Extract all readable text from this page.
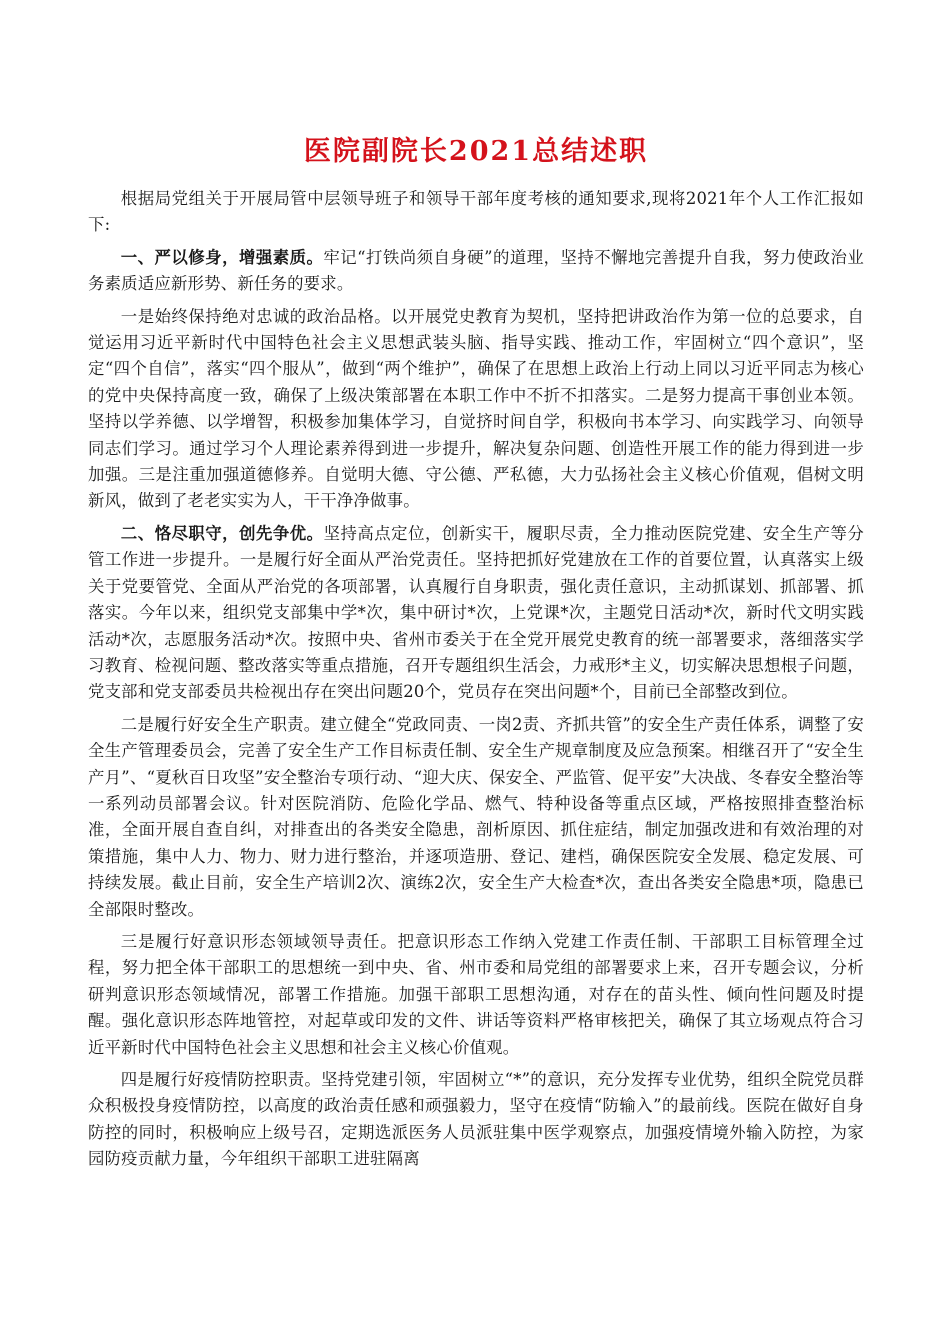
医院副院长2021总结述职

根据局党组关于开展局管中层领导班子和领导干部年度考核的通知要求,现将2021年个人工作汇报如下:

一、严以修身，增强素质。牢记“打铁尚须自身硬”的道理，坚持不懈地完善提升自我，努力使政治业务素质适应新形势、新任务的要求。

一是始终保持绝对忠诚的政治品格。以开展党史教育为契机，坚持把讲政治作为第一位的总要求，自觉运用习近平新时代中国特色社会主义思想武装头脑、指导实践、推动工作，牢固树立“四个意识”，坚定“四个自信”，落实“四个服从”，做到“两个维护”，确保了在思想上政治上行动上同以习近平同志为核心的党中央保持高度一致，确保了上级决策部署在本职工作中不折不扣落实。二是努力提高干事创业本领。坚持以学养德、以学增智，积极参加集体学习，自觉挤时间自学，积极向书本学习、向实践学习、向领导同志们学习。通过学习个人理论素养得到进一步提升，解决复杂问题、创造性开展工作的能力得到进一步加强。三是注重加强道德修养。自觉明大德、守公德、严私德，大力弘扬社会主义核心价值观，倡树文明新风，做到了老老实实为人，干干净净做事。

二、恪尽职守，创先争优。坚持高点定位，创新实干，履职尽责，全力推动医院党建、安全生产等分管工作进一步提升。一是履行好全面从严治党责任。坚持把抓好党建放在工作的首要位置，认真落实上级关于党要管党、全面从严治党的各项部署，认真履行自身职责，强化责任意识，主动抓谋划、抓部署、抓落实。今年以来，组织党支部集中学*次，集中研讨*次，上党课*次，主题党日活动*次，新时代文明实践活动*次，志愿服务活动*次。按照中央、省州市委关于在全党开展党史教育的统一部署要求，落细落实学习教育、检视问题、整改落实等重点措施，召开专题组织生活会，力戒形*主义，切实解决思想根子问题，党支部和党支部委员共检视出存在突出问题20个，党员存在突出问题*个，目前已全部整改到位。

二是履行好安全生产职责。建立健全“党政同责、一岗2责、齐抓共管”的安全生产责任体系，调整了安全生产管理委员会，完善了安全生产工作目标责任制、安全生产规章制度及应急预案。相继召开了“安全生产月”、“夏秋百日攻坚”安全整治专项行动、“迎大庆、保安全、严监管、促平安”大决战、冬春安全整治等一系列动员部署会议。针对医院消防、危险化学品、燃气、特种设备等重点区域，严格按照排查整治标准，全面开展自查自纠，对排查出的各类安全隐患，剖析原因、抓住症结，制定加强改进和有效治理的对策措施，集中人力、物力、财力进行整治，并逐项造册、登记、建档，确保医院安全发展、稳定发展、可持续发展。截止目前，安全生产培训2次、演练2次，安全生产大检查*次，查出各类安全隐患*项，隐患已全部限时整改。

三是履行好意识形态领域领导责任。把意识形态工作纳入党建工作责任制、干部职工目标管理全过程，努力把全体干部职工的思想统一到中央、省、州市委和局党组的部署要求上来，召开专题会议，分析研判意识形态领域情况，部署工作措施。加强干部职工思想沟通，对存在的苗头性、倾向性问题及时提醒。强化意识形态阵地管控，对起草或印发的文件、讲话等资料严格审核把关，确保了其立场观点符合习近平新时代中国特色社会主义思想和社会主义核心价值观。

四是履行好疫情防控职责。坚持党建引领，牢固树立“*”的意识，充分发挥专业优势，组织全院党员群众积极投身疫情防控，以高度的政治责任感和顽强毅力，坚守在疫情“防输入”的最前线。医院在做好自身防控的同时，积极响应上级号召，定期选派医务人员派驻集中医学观察点，加强疫情境外输入防控，为家园防疫贡献力量，今年组织干部职工进驻隔离
